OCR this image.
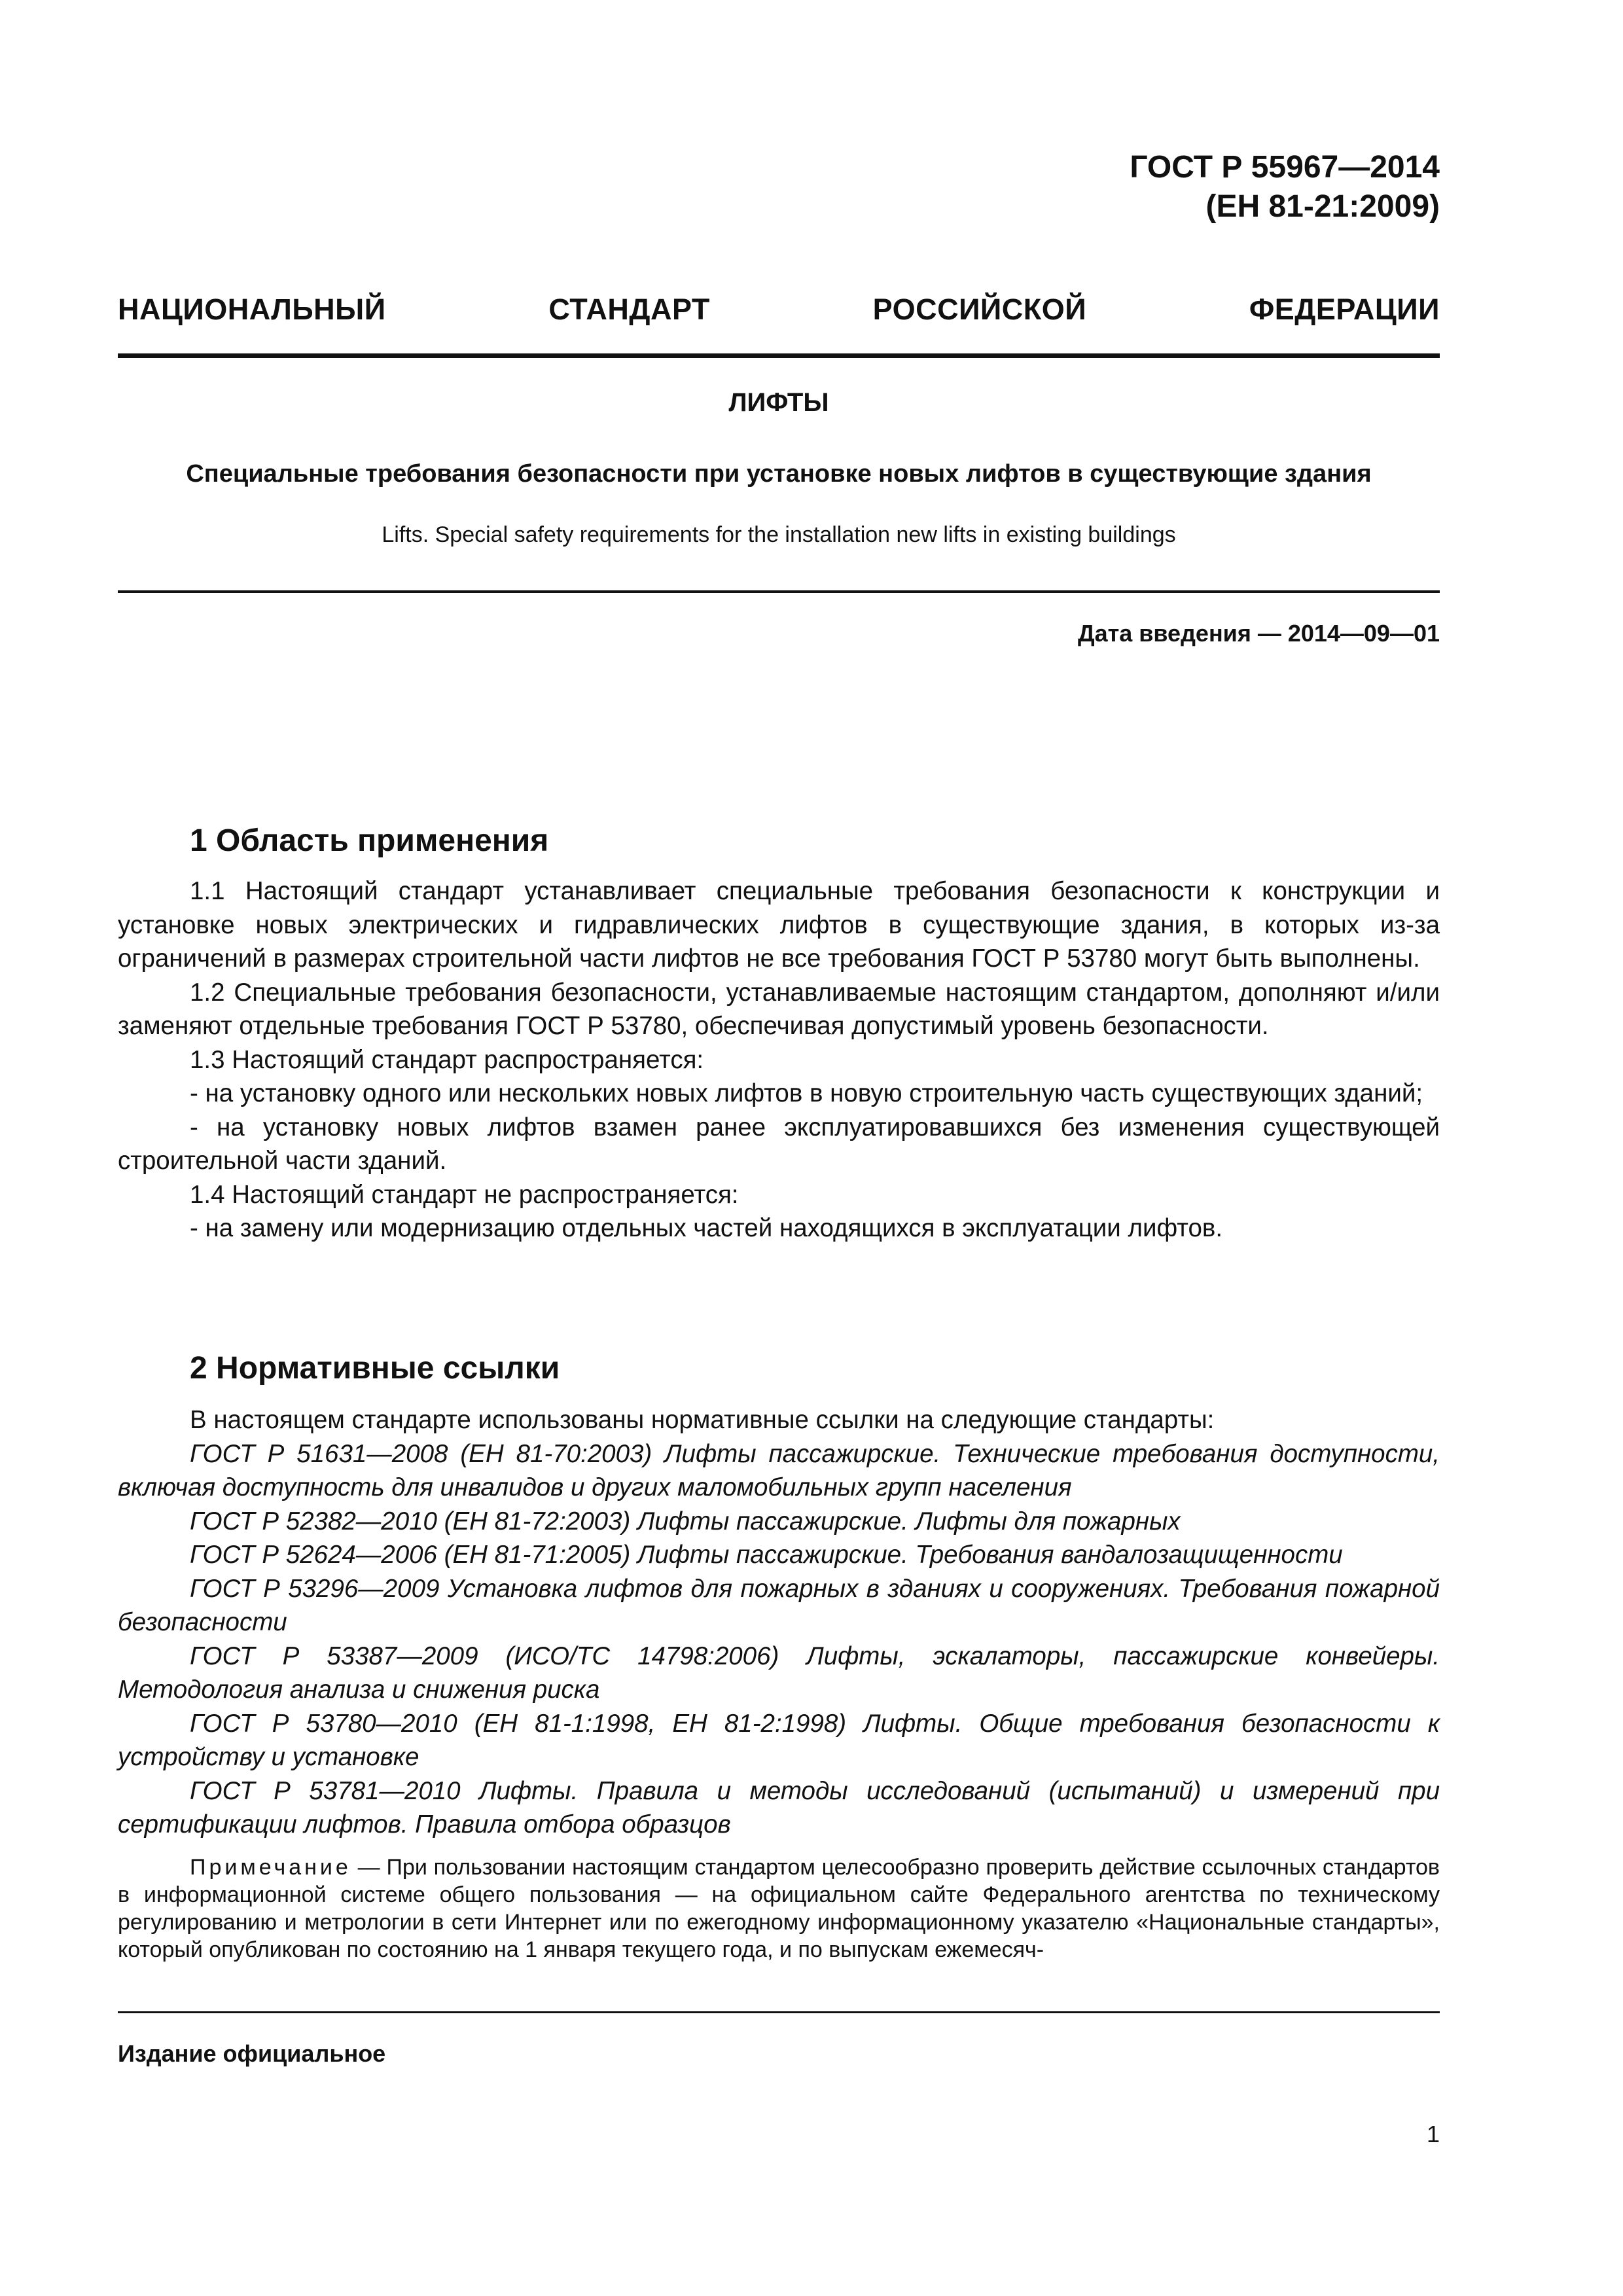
ГОСТ Р 55967—2014
(ЕН 81-21:2009)
НАЦИОНАЛЬНЫЙ СТАНДАРТ РОССИЙСКОЙ ФЕДЕРАЦИИ
ЛИФТЫ
Специальные требования безопасности при установке новых лифтов в существующие здания
Lifts. Special safety requirements for the installation new lifts in existing buildings
Дата введения — 2014—09—01
1 Область применения

1.1 Настоящий стандарт устанавливает специальные требования безопасности к конструкции и установке новых электрических и гидравлических лифтов в существующие здания, в которых из-за ограничений в размерах строительной части лифтов не все требования ГОСТ Р 53780 могут быть выполнены.

1.2 Специальные требования безопасности, устанавливаемые настоящим стандартом, дополняют и/или заменяют отдельные требования ГОСТ Р 53780, обеспечивая допустимый уровень безопасности.

1.3 Настоящий стандарт распространяется:

- на установку одного или нескольких новых лифтов в новую строительную часть существующих зданий;

- на установку новых лифтов взамен ранее эксплуатировавшихся без изменения существующей строительной части зданий.

1.4 Настоящий стандарт не распространяется:

- на замену или модернизацию отдельных частей находящихся в эксплуатации лифтов.

2 Нормативные ссылки

В настоящем стандарте использованы нормативные ссылки на следующие стандарты:

ГОСТ Р 51631—2008 (ЕН 81-70:2003) Лифты пассажирские. Технические требования доступности, включая доступность для инвалидов и других маломобильных групп населения

ГОСТ Р 52382—2010 (ЕН 81-72:2003) Лифты пассажирские. Лифты для пожарных

ГОСТ Р 52624—2006 (ЕН 81-71:2005) Лифты пассажирские. Требования вандалозащищенности

ГОСТ Р 53296—2009 Установка лифтов для пожарных в зданиях и сооружениях. Требования пожарной безопасности

ГОСТ Р 53387—2009 (ИСО/ТС 14798:2006) Лифты, эскалаторы, пассажирские конвейеры. Методология анализа и снижения риска

ГОСТ Р 53780—2010 (ЕН 81-1:1998, ЕН 81-2:1998) Лифты. Общие требования безопасности к устройству и установке

ГОСТ Р 53781—2010 Лифты. Правила и методы исследований (испытаний) и измерений при сертификации лифтов. Правила отбора образцов

Примечание — При пользовании настоящим стандартом целесообразно проверить действие ссылочных стандартов в информационной системе общего пользования — на официальном сайте Федерального агентства по техническому регулированию и метрологии в сети Интернет или по ежегодному информационному указателю «Национальные стандарты», который опубликован по состоянию на 1 января текущего года, и по выпускам ежемесяч-

Издание официальное
1
